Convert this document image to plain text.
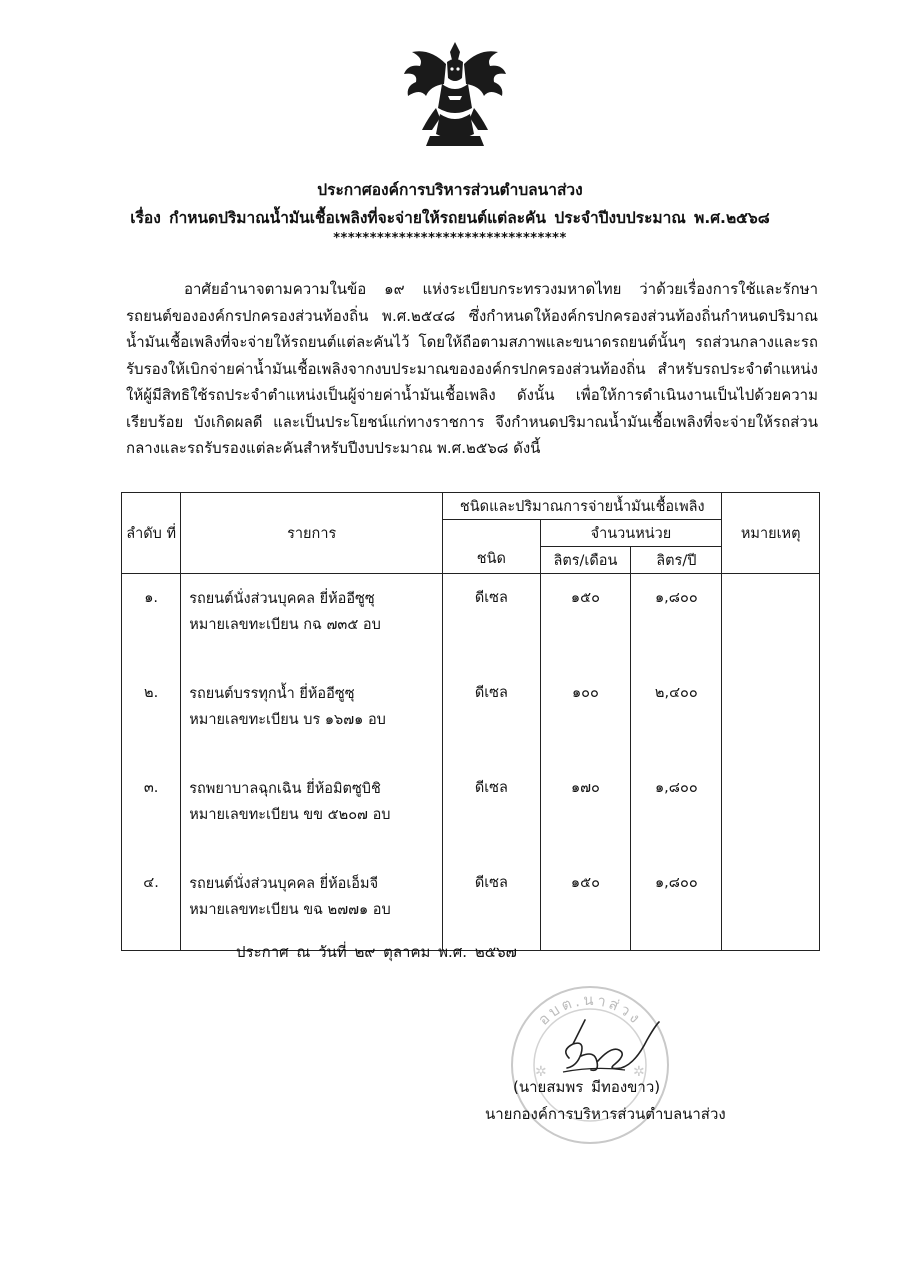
ประกาศองค์การบริหารส่วนตำบลนาส่วง
เรื่อง กำหนดปริมาณน้ำมันเชื้อเพลิงที่จะจ่ายให้รถยนต์แต่ละคัน ประจำปีงบประมาณ พ.ศ.๒๕๖๘
********************************
อาศัยอำนาจตามความในข้อ ๑๙ แห่งระเบียบกระทรวงมหาดไทย ว่าด้วยเรื่องการใช้และรักษารถยนต์ขององค์กรปกครองส่วนท้องถิ่น พ.ศ.๒๕๔๘ ซึ่งกำหนดให้องค์กรปกครองส่วนท้องถิ่นกำหนดปริมาณน้ำมันเชื้อเพลิงที่จะจ่ายให้รถยนต์แต่ละคันไว้ โดยให้ถือตามสภาพและขนาดรถยนต์นั้นๆ รถส่วนกลางและรถรับรองให้เบิกจ่ายค่าน้ำมันเชื้อเพลิงจากงบประมาณขององค์กรปกครองส่วนท้องถิ่น สำหรับรถประจำตำแหน่งให้ผู้มีสิทธิใช้รถประจำตำแหน่งเป็นผู้จ่ายค่าน้ำมันเชื้อเพลิง ดังนั้น เพื่อให้การดำเนินงานเป็นไปด้วยความเรียบร้อย บังเกิดผลดี และเป็นประโยชน์แก่ทางราชการ จึงกำหนดปริมาณน้ำมันเชื้อเพลิงที่จะจ่ายให้รถส่วนกลางและรถรับรองแต่ละคันสำหรับปีงบประมาณ พ.ศ.๒๕๖๘ ดังนี้
ลำดับ ที่	รายการ	ชนิดและปริมาณการจ่ายน้ำมันเชื้อเพลิง			หมายเหตุ
		ชนิด	จำนวนหน่วย		
			ลิตร/เดือน	ลิตร/ปี	
๑.	รถยนต์นั่งส่วนบุคคล ยี่ห้ออีซูซุ
หมายเลขทะเบียน กฉ ๗๓๕ อบ	ดีเซล	๑๕๐	๑,๘๐๐	
๒.	รถยนต์บรรทุกน้ำ ยี่ห้ออีซูซุ
หมายเลขทะเบียน บร ๑๖๗๑ อบ	ดีเซล	๑๐๐	๒,๔๐๐	
๓.	รถพยาบาลฉุกเฉิน ยี่ห้อมิตซูบิชิ
หมายเลขทะเบียน ขข ๕๒๐๗ อบ	ดีเซล	๑๗๐	๑,๘๐๐	
๔.	รถยนต์นั่งส่วนบุคคล ยี่ห้อเอ็มจี
หมายเลขทะเบียน ขฉ ๒๗๗๑ อบ	ดีเซล	๑๕๐	๑,๘๐๐	
ประกาศ ณ วันที่ ๒๙ ตุลาคม พ.ศ. ๒๕๖๗
อบต.นาส่วง
✲	✲
(นายสมพร มีทองขาว)
นายกองค์การบริหารส่วนตำบลนาส่วง
